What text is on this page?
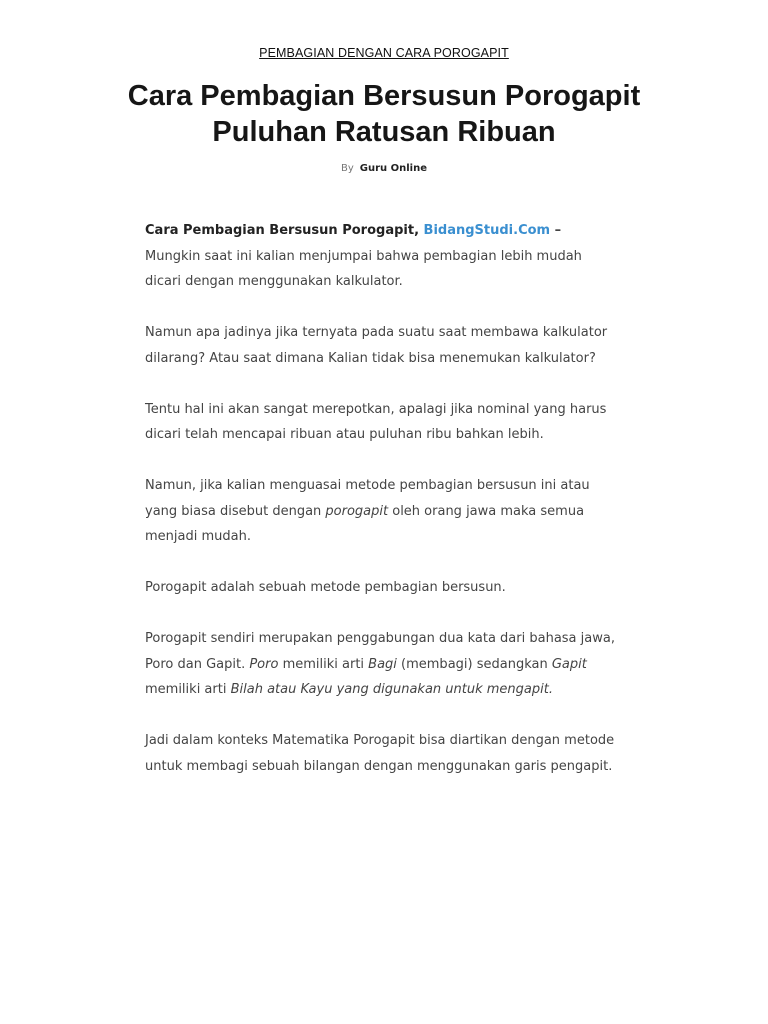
PEMBAGIAN DENGAN CARA POROGAPIT
Cara Pembagian Bersusun Porogapit
Puluhan Ratusan Ribuan
By Guru Online

Cara Pembagian Bersusun Porogapit, BidangStudi.Com – Mungkin saat ini kalian menjumpai bahwa pembagian lebih mudah dicari dengan menggunakan kalkulator.

Namun apa jadinya jika ternyata pada suatu saat membawa kalkulator dilarang? Atau saat dimana Kalian tidak bisa menemukan kalkulator?

Tentu hal ini akan sangat merepotkan, apalagi jika nominal yang harus dicari telah mencapai ribuan atau puluhan ribu bahkan lebih.

Namun, jika kalian menguasai metode pembagian bersusun ini atau yang biasa disebut dengan porogapit oleh orang jawa maka semua menjadi mudah.

Porogapit adalah sebuah metode pembagian bersusun.

Porogapit sendiri merupakan penggabungan dua kata dari bahasa jawa, Poro dan Gapit. Poro memiliki arti Bagi (membagi) sedangkan Gapit memiliki arti Bilah atau Kayu yang digunakan untuk mengapit.

Jadi dalam konteks Matematika Porogapit bisa diartikan dengan metode untuk membagi sebuah bilangan dengan menggunakan garis pengapit.
